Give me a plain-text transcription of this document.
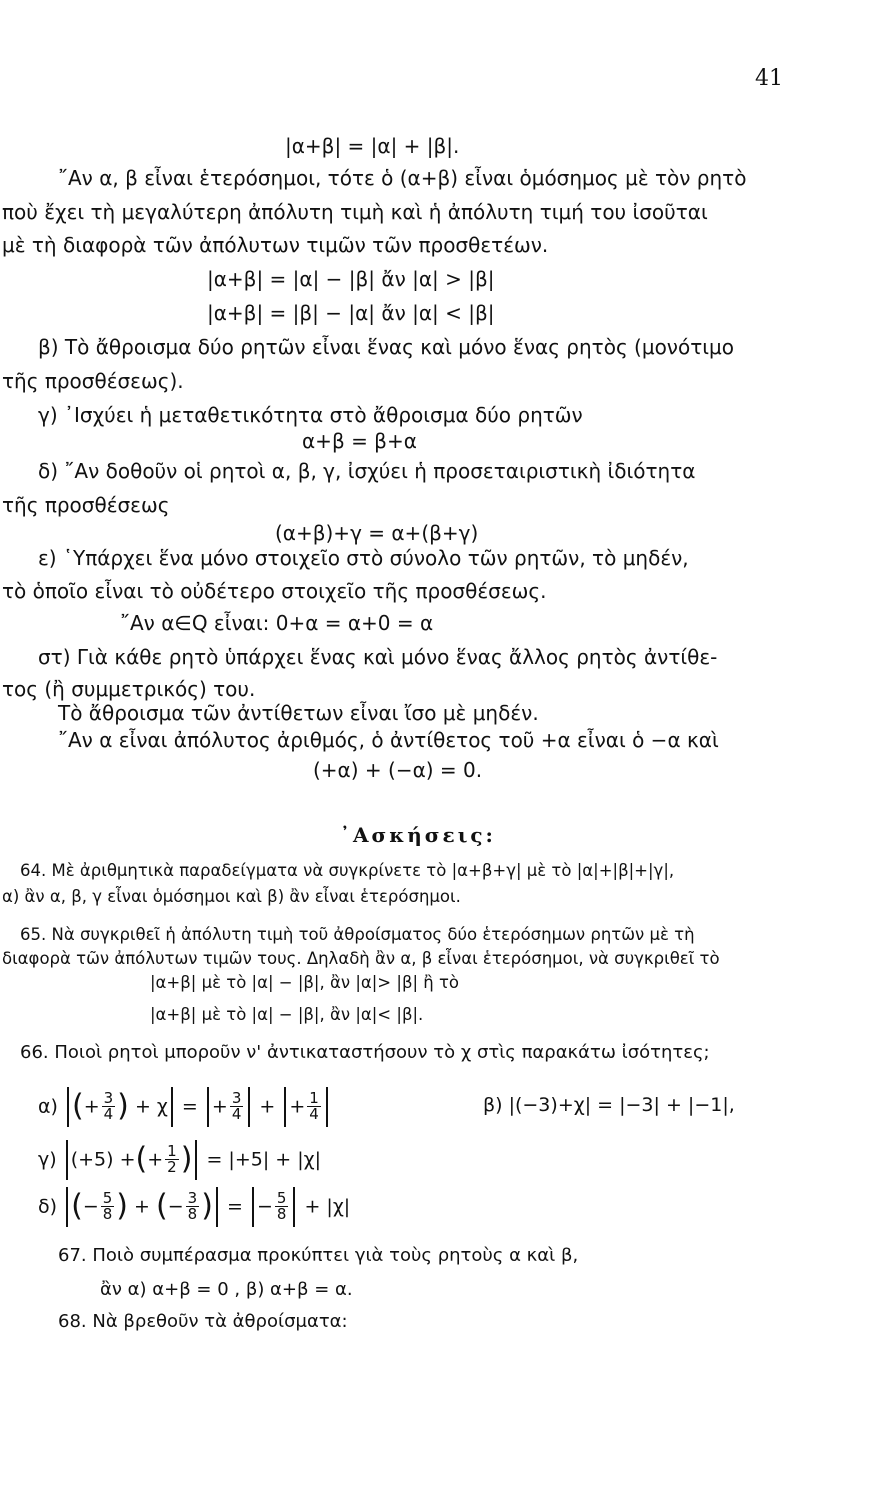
41
|α+β| = |α| + |β|.
῎Αν α, β εἶναι ἑτερόσημοι, τότε ὁ (α+β) εἶναι ὁμόσημος μὲ τὸν ρητὸ
ποὺ ἔχει τὴ μεγαλύτερη ἀπόλυτη τιμὴ καὶ ἡ ἀπόλυτη τιμή του ἰσοῦται
μὲ τὴ διαφορὰ τῶν ἀπόλυτων τιμῶν τῶν προσθετέων.
|α+β| = |α| − |β| ἄν |α| > |β|
|α+β| = |β| − |α| ἄν |α| < |β|
β) Τὸ ἄθροισμα δύο ρητῶν εἶναι ἕνας καὶ μόνο ἕνας ρητὸς (μονότιμο
τῆς προσθέσεως).
γ) ᾿Ισχύει ἡ μεταθετικότητα στὸ ἄθροισμα δύο ρητῶν
α+β = β+α
δ) ῎Αν δοθοῦν οἱ ρητοὶ α, β, γ, ἰσχύει ἡ προσεταιριστικὴ ἰδιότητα
τῆς προσθέσεως
(α+β)+γ = α+(β+γ)
ε) ῾Υπάρχει ἕνα μόνο στοιχεῖο στὸ σύνολο τῶν ρητῶν, τὸ μηδέν,
τὸ ὁποῖο εἶναι τὸ οὐδέτερο στοιχεῖο τῆς προσθέσεως.
῎Αν α∈Q εἶναι: 0+α = α+0 = α
στ) Γιὰ κάθε ρητὸ ὑπάρχει ἕνας καὶ μόνο ἕνας ἄλλος ρητὸς ἀντίθε-
τος (ἢ συμμετρικός) του.
Τὸ ἄθροισμα τῶν ἀντίθετων εἶναι ἴσο μὲ μηδέν.
῎Αν α εἶναι ἀπόλυτος ἀριθμός, ὁ ἀντίθετος τοῦ +α εἶναι ὁ −α καὶ
(+α) + (−α) = 0.
᾿Ασκήσεις:
64. Μὲ ἀριθμητικὰ παραδείγματα νὰ συγκρίνετε τὸ |α+β+γ| μὲ τὸ |α|+|β|+|γ|,
α) ἂν α, β, γ εἶναι ὁμόσημοι καὶ β) ἂν εἶναι ἑτερόσημοι.
65. Νὰ συγκριθεῖ ἡ ἀπόλυτη τιμὴ τοῦ ἀθροίσματος δύο ἑτερόσημων ρητῶν μὲ τὴ
διαφορὰ τῶν ἀπόλυτων τιμῶν τους. Δηλαδὴ ἂν α, β εἶναι ἑτερόσημοι, νὰ συγκριθεῖ τὸ
|α+β| μὲ τὸ |α| − |β|, ἂν |α|> |β| ἢ τὸ
|α+β| μὲ τὸ |α| − |β|, ἂν |α|< |β|.
66. Ποιοὶ ρητοὶ μποροῦν ν' ἀντικαταστήσουν τὸ χ στὶς παρακάτω ἰσότητες;
α) (+ $\frac{3}{4}$ ) + χ = + $\frac{3}{4}$ + + $\frac{1}{4}$	β) |(−3)+χ| = |−3| + |−1|,
γ) (+5) +(+ $\frac{1}{2}$ ) = |+5| + |χ|
δ) (− $\frac{5}{8}$ ) + (− $\frac{3}{8}$ ) = − $\frac{5}{8} + |\chi|$
67. Ποιὸ συμπέρασμα προκύπτει γιὰ τοὺς ρητοὺς α καὶ β,
ἂν α) α+β = 0 , β) α+β = α.
68. Νὰ βρεθοῦν τὰ ἀθροίσματα:
